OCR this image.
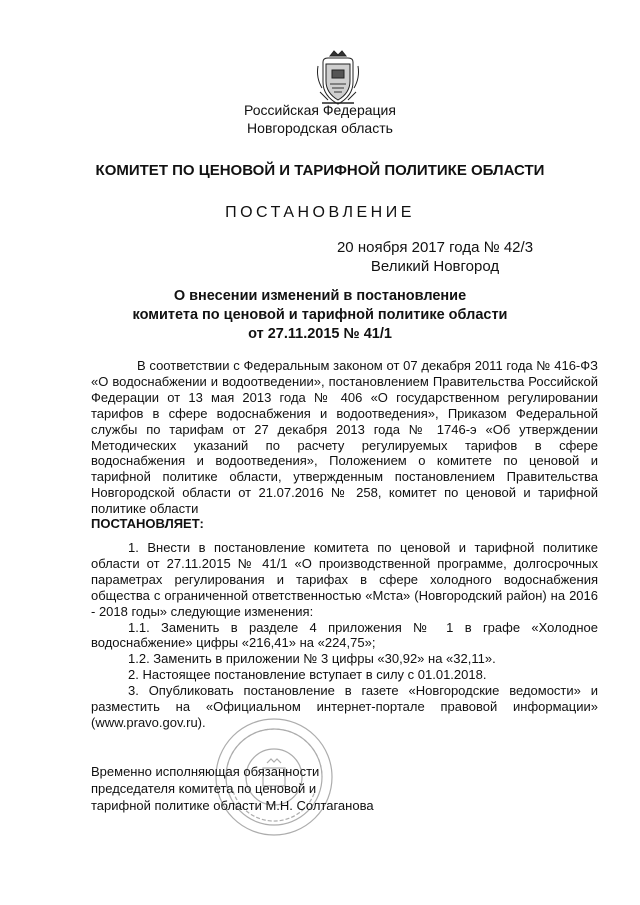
Российская Федерация
Новгородская область
КОМИТЕТ ПО ЦЕНОВОЙ И ТАРИФНОЙ ПОЛИТИКЕ ОБЛАСТИ
ПОСТАНОВЛЕНИЕ
20 ноября 2017 года № 42/3
Великий Новгород
О внесении изменений в постановление
комитета по ценовой и тарифной политике области
от 27.11.2015 № 41/1

В соответствии с Федеральным законом от 07 декабря 2011 года № 416-ФЗ «О водоснабжении и водоотведении», постановлением Правительства Российской Федерации от 13 мая 2013 года № 406 «О государственном регулировании тарифов в сфере водоснабжения и водоотведения», Приказом Федеральной службы по тарифам от 27 декабря 2013 года № 1746-э «Об утверждении Методических указаний по расчету регулируемых тарифов в сфере водоснабжения и водоотведения», Положением о комитете по ценовой и тарифной политике области, утвержденным постановлением Правительства Новгородской области от 21.07.2016 № 258, комитет по ценовой и тарифной политике области

ПОСТАНОВЛЯЕТ:

1. Внести в постановление комитета по ценовой и тарифной политике области от 27.11.2015 № 41/1 «О производственной программе, долгосрочных параметрах регулирования и тарифах в сфере холодного водоснабжения общества с ограниченной ответственностью «Мста» (Новгородский район) на 2016 - 2018 годы» следующие изменения:

1.1. Заменить в разделе 4 приложения № 1 в графе «Холодное водоснабжение» цифры «216,41» на «224,75»;

1.2. Заменить в приложении № 3 цифры «30,92» на «32,11».

2. Настоящее постановление вступает в силу с 01.01.2018.

3. Опубликовать постановление в газете «Новгородские ведомости» и разместить на «Официальном интернет-портале правовой информации» (www.pravo.gov.ru).

Временно исполняющая обязанности
председателя комитета по ценовой и
тарифной политике области М.Н. Солтаганова
